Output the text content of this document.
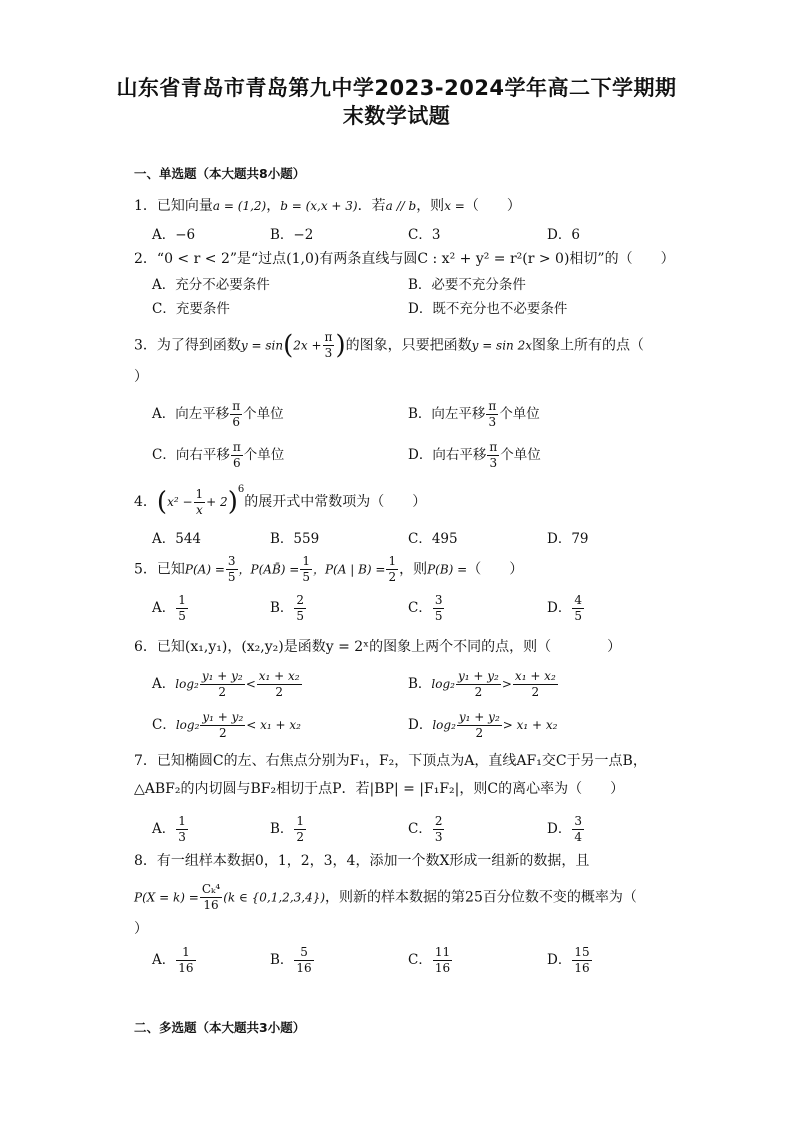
山东省青岛市青岛第九中学2023-2024学年高二下学期期
末数学试题
一、单选题（本大题共8小题）
1．已知向量a = (1,2)，b = (x,x + 3)．若a // b，则x =（　　）
A．−6	B．−2	C．3	D．6
2．“0 < r < 2”是“过点(1,0)有两条直线与圆C : x² + y² = r²(r > 0)相切”的（　　）
A．充分不必要条件	B．必要不充分条件
C．充要条件	D．既不充分也不必要条件
3．为了得到函数$y = \sin(2x + \frac{\pi}{3}$ )的图象，只要把函数y = sin 2x图象上所有的点（
）
A．向左平移 $\frac{\pi}{6}$ 个单位	B．向左平移 $\frac{\pi}{3}$ 个单位
C．向右平移 $\frac{\pi}{6}$ 个单位	D．向右平移 $\frac{\pi}{3}$ 个单位
4．$(x^2 - \frac{1}{x} + 2)^6$的展开式中常数项为（　　）
A．544	B．559	C．495	D．79
5．已知$P(A) = \frac{3}{5}$ ，P(AB̄) = $\frac{1}{5}$ ，P(A | $B) = \frac{1}{2}$ ，则P(B) =（　　）
A． $\frac{1}{5}$	B． $\frac{2}{5}$	C． $\frac{3}{5}$	D． $\frac{4}{5}$
6．已知(x₁,y₁)，(x₂,y₂)是函数y = 2ˣ的图象上两个不同的点，则（　　　　）
A．$\log_2 \frac{\text{y₁ + y₂}}{2} < \frac{\text{x₁ + x₂}}{2}$	B．$\log_2 \frac{\text{y₁ + y₂}}{2} > \frac{\text{x₁ + x₂}}{2}$
C．$\log_2 \frac{\text{y₁ + y₂}}{2} < x_1 + x_2$	D．$\log_2 \frac{\text{y₁ + y₂}}{2} > x_1 + x_2$
7．已知椭圆C的左、右焦点分别为F₁，F₂，下顶点为A，直线AF₁交C于另一点B，△ABF₂的内切圆与BF₂相切于点P．若|BP| = |F₁F₂|，则C的离心率为（　　）
A． $\frac{1}{3}$	B． $\frac{1}{2}$	C． $\frac{2}{3}$	D． $\frac{3}{4}$
8．有一组样本数据0，1，2，3，4，添加一个数X形成一组新的数据，且
$P(X = k) = \frac{\text{Cₖ⁴}}{16} (k$ ∈ {0,1,2,3,4})，则新的样本数据的第25百分位数不变的概率为（
）
A． $\frac{1}{16}$	B． $\frac{5}{16}$	C． $\frac{11}{16}$	D． $\frac{15}{16}$
二、多选题（本大题共3小题）
